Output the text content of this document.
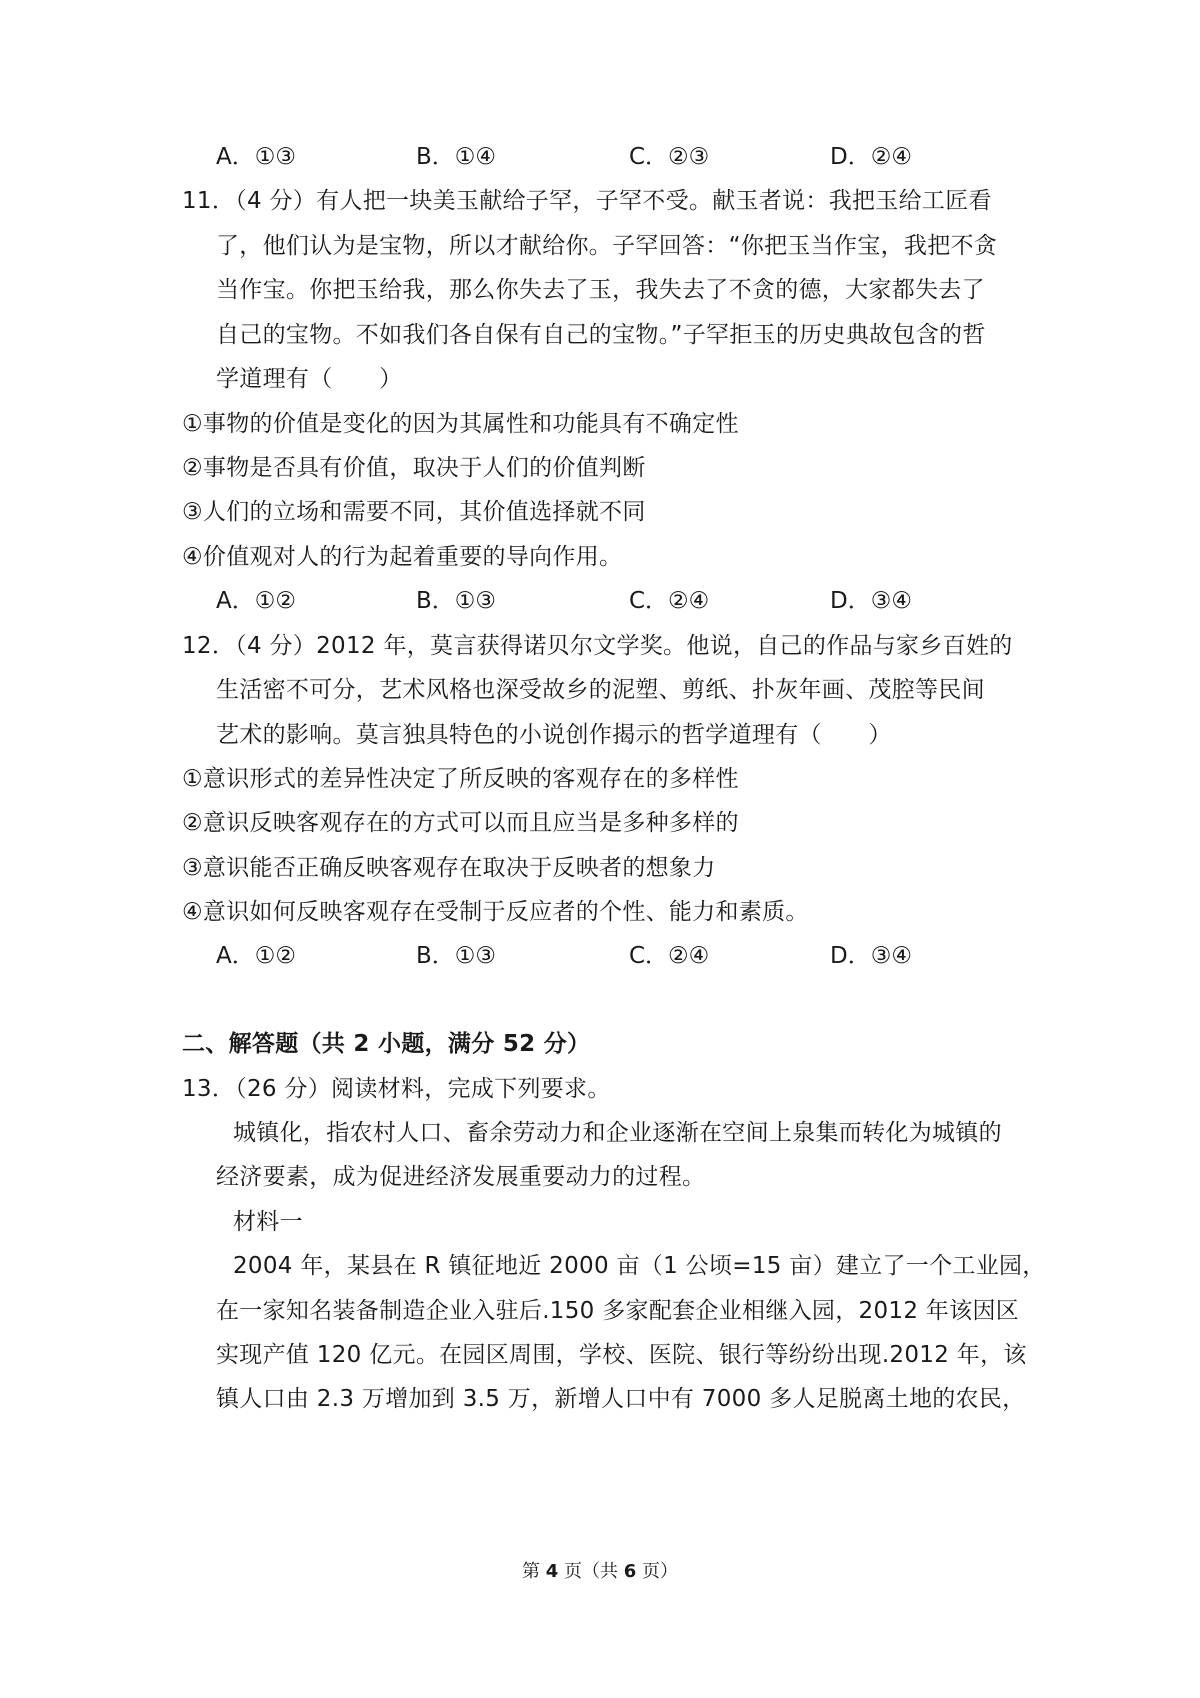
A．①③	B．①④	C．②③	D．②④
11．（4 分）有人把一块美玉献给子罕，子罕不受。献玉者说：我把玉给工匠看
了，他们认为是宝物，所以才献给你。子罕回答：“你把玉当作宝，我把不贪
当作宝。你把玉给我，那么你失去了玉，我失去了不贪的德，大家都失去了
自己的宝物。不如我们各自保有自己的宝物。”子罕拒玉的历史典故包含的哲
学道理有（　　）
①事物的价值是变化的因为其属性和功能具有不确定性
②事物是否具有价值，取决于人们的价值判断
③人们的立场和需要不同，其价值选择就不同
④价值观对人的行为起着重要的导向作用。
A．①②	B．①③	C．②④	D．③④
12．（4 分）2012 年，莫言获得诺贝尔文学奖。他说，自己的作品与家乡百姓的
生活密不可分，艺术风格也深受故乡的泥塑、剪纸、扑灰年画、茂腔等民间
艺术的影响。莫言独具特色的小说创作揭示的哲学道理有（　　）
①意识形式的差异性决定了所反映的客观存在的多样性
②意识反映客观存在的方式可以而且应当是多种多样的
③意识能否正确反映客观存在取决于反映者的想象力
④意识如何反映客观存在受制于反应者的个性、能力和素质。
A．①②	B．①③	C．②④	D．③④
二、解答题（共 2 小题，满分 52 分）
13．（26 分）阅读材料，完成下列要求。
城镇化，指农村人口、畜余劳动力和企业逐渐在空间上泉集而转化为城镇的
经济要素，成为促进经济发展重要动力的过程。
材料一
2004 年，某县在 R 镇征地近 2000 亩（1 公顷=15 亩）建立了一个工业园，
在一家知名装备制造企业入驻后.150 多家配套企业相继入园，2012 年该因区
实现产值 120 亿元。在园区周围，学校、医院、银行等纷纷出现.2012 年，该
镇人口由 2.3 万增加到 3.5 万，新增人口中有 7000 多人足脱离土地的农民，
第 4 页（共 6 页）
